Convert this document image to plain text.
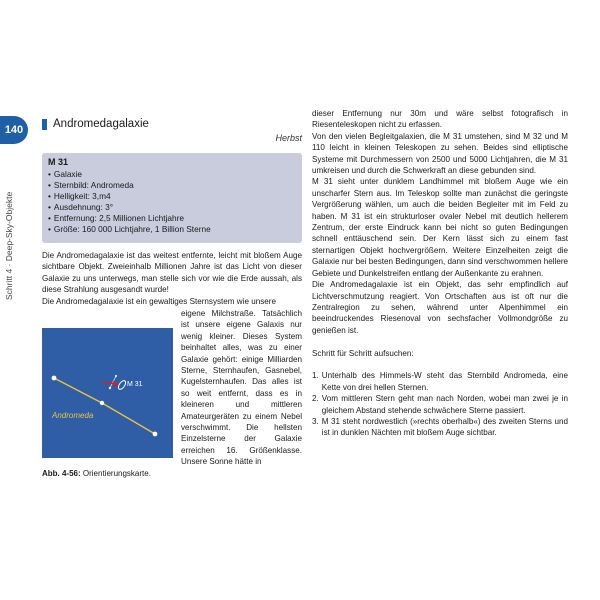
140
Schritt 4 · Deep-Sky-Objekte
Andromedagalaxie
Herbst
M 31
• Galaxie
• Sternbild: Andromeda
• Helligkeit: 3,m4
• Ausdehnung: 3°
• Entfernung: 2,5 Millionen Lichtjahre
• Größe: 160 000 Lichtjahre, 1 Billion Sterne

Die Andromedagalaxie ist das weitest entfernte, leicht mit bloßem Auge sichtbare Objekt. Zweieinhalb Millionen Jahre ist das Licht von dieser Galaxie zu uns unterwegs, man stelle sich vor wie die Erde aussah, als diese Strahlung ausgesandt wurde!

Die Andromedagalaxie ist ein gewaltiges Sternsystem wie unsere

eigene Milchstraße. Tatsächlich ist unsere eigene Galaxis nur wenig kleiner. Dieses System beinhaltet alles, was zu einer Galaxie gehört: einige Milliarden Sterne, Sternhaufen, Gasnebel, Kugelsternhaufen. Das alles ist so weit entfernt, dass es in kleineren und mittleren Amateurgeräten zu einem Nebel verschwimmt. Die hellsten Einzelsterne der Galaxie erreichen 16. Größenklasse. Unsere Sonne hätte in

M 31
Andromeda
Abb. 4-56: Orientierungskarte.

dieser Entfernung nur 30m und wäre selbst fotografisch in Riesenteleskopen nicht zu erfassen.

Von den vielen Begleitgalaxien, die M 31 umstehen, sind M 32 und M 110 leicht in kleinen Teleskopen zu sehen. Beides sind elliptische Systeme mit Durchmessern von 2500 und 5000 Lichtjahren, die M 31 umkreisen und durch die Schwerkraft an diese gebunden sind.

M 31 sieht unter dunklem Landhimmel mit bloßem Auge wie ein unscharfer Stern aus. Im Teleskop sollte man zunächst die geringste Vergrößerung wählen, um auch die beiden Begleiter mit im Feld zu haben. M 31 ist ein strukturloser ovaler Nebel mit deutlich hellerem Zentrum, der erste Eindruck kann bei nicht so guten Bedingungen schnell enttäuschend sein. Der Kern lässt sich zu einem fast sternartigen Objekt hochvergrößern. Weitere Einzelheiten zeigt die Galaxie nur bei besten Bedingungen, dann sind verschwommen hellere Gebiete und Dunkelstreifen entlang der Außenkante zu erahnen.

Die Andromedagalaxie ist ein Objekt, das sehr empfindlich auf Lichtverschmutzung reagiert. Von Ortschaften aus ist oft nur die Zentralregion zu sehen, während unter Alpenhimmel ein beeindruckendes Riesenoval von sechsfacher Vollmondgröße zu genießen ist.

Schritt für Schritt aufsuchen:

1. Unterhalb des Himmels-W steht das Sternbild Andromeda, eine Kette von drei hellen Sternen.
2. Vom mittleren Stern geht man nach Norden, wobei man zwei je in gleichem Abstand stehende schwächere Sterne passiert.
3. M 31 steht nordwestlich (»rechts oberhalb«) des zweiten Sterns und ist in dunklen Nächten mit bloßem Auge sichtbar.
